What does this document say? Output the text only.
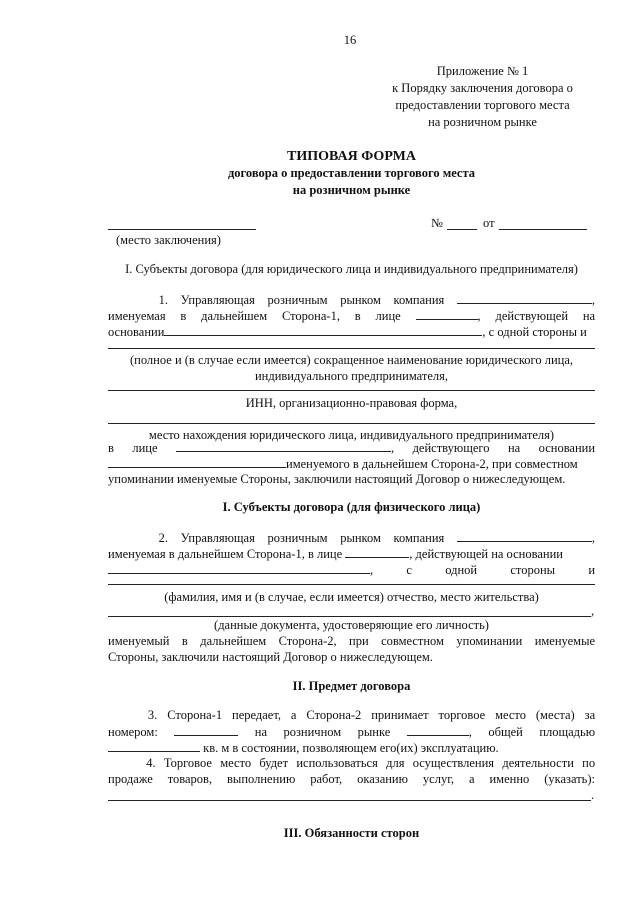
16
Приложение № 1
к Порядку заключения договора о
предоставлении торгового места
на розничном рынке
ТИПОВАЯ ФОРМА
договора о предоставлении торгового места
на розничном рынке
№	от
(место заключения)
I. Субъекты договора (для юридического лица и индивидуального предпринимателя)
1. Управляющая розничным рынком компания	,
именуемая в дальнейшем Сторона-1, в лице	, действующей на
основании	, с одной стороны и
(полное и (в случае если имеется) сокращенное наименование юридического лица,
индивидуального предпринимателя,
ИНН, организационно-правовая форма,
место нахождения юридического лица, индивидуального предпринимателя)
в лице	, действующего на основании
именуемого в дальнейшем Сторона-2, при совместном
упоминании именуемые Стороны, заключили настоящий Договор о нижеследующем.
I. Субъекты договора (для физического лица)
2. Управляющая розничным рынком компания	,
именуемая в дальнейшем Сторона-1, в лице	, действующей на основании
,	с	одной	стороны	и
(фамилия, имя и (в случае, если имеется) отчество, место жительства)
,
(данные документа, удостоверяющие его личность)
именуемый в дальнейшем Сторона-2, при совместном упоминании именуемые
Стороны, заключили настоящий Договор о нижеследующем.
II. Предмет договора
3. Сторона-1 передает, а Сторона-2 принимает торговое место (места) за
номером:	на розничном рынке	, общей площадью
кв. м в состоянии, позволяющем его(их) эксплуатацию.
4. Торговое место будет использоваться для осуществления деятельности по
продаже товаров, выполнению работ, оказанию услуг, а именно (указать):
.
III. Обязанности сторон
